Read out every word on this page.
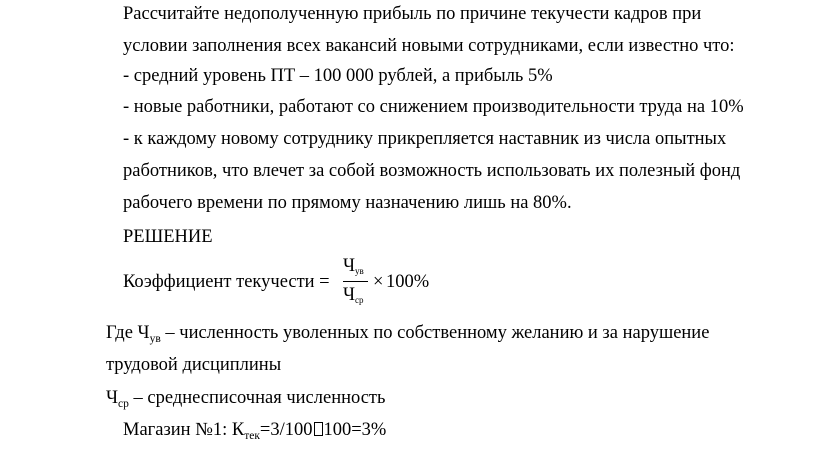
Рассчитайте недополученную прибыль по причине текучести кадров при
условии заполнения всех вакансий новыми сотрудниками, если известно что:
- средний уровень ПТ – 100 000 рублей, а прибыль 5%
- новые работники, работают со снижением производительности труда на 10%
- к каждому новому сотруднику прикрепляется наставник из числа опытных
работников, что влечет за собой возможность использовать их полезный фонд
рабочего времени по прямому назначению лишь на 80%.
РЕШЕНИЕ
Коэффициент текучести =
$Ч_{ув}$
$Ч_{ср}$
× 100%
Где $Ч_{ув}$ – численность уволенных по собственному желанию и за нарушение
трудовой дисциплины
$Ч_{ср}$ – среднесписочная численность
Магазин №1: $К_{тек}=3/100$ 100=3%
